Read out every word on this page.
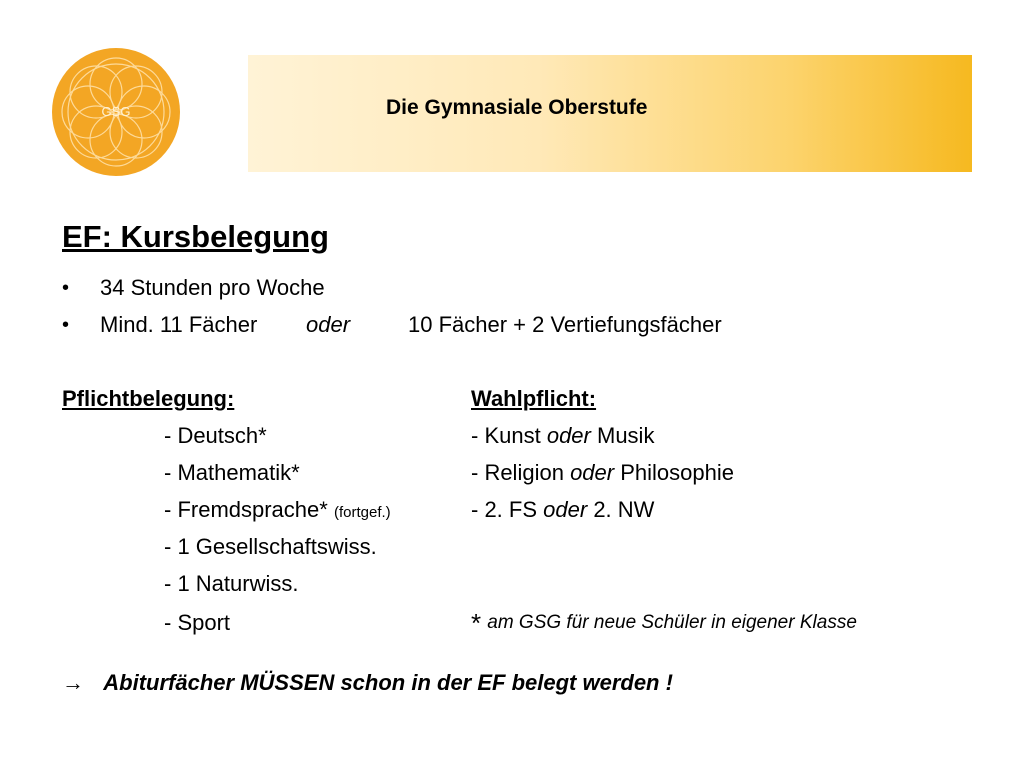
GSG	Die Gymnasiale Oberstufe
EF: Kursbelegung
• 34 Stunden pro Woche
• Mind. 11 Fächer oder	10 Fächer + 2 Vertiefungsfächer
Pflichtbelegung:
- Deutsch*
- Mathematik*
- Fremdsprache* (fortgef.)
- 1 Gesellschaftswiss.
- 1 Naturwiss.
- Sport
Wahlpflicht:
- Kunst oder Musik
- Religion oder Philosophie
- 2. FS oder 2. NW
* am GSG für neue Schüler in eigener Klasse
→ Abiturfächer MÜSSEN schon in der EF belegt werden !
